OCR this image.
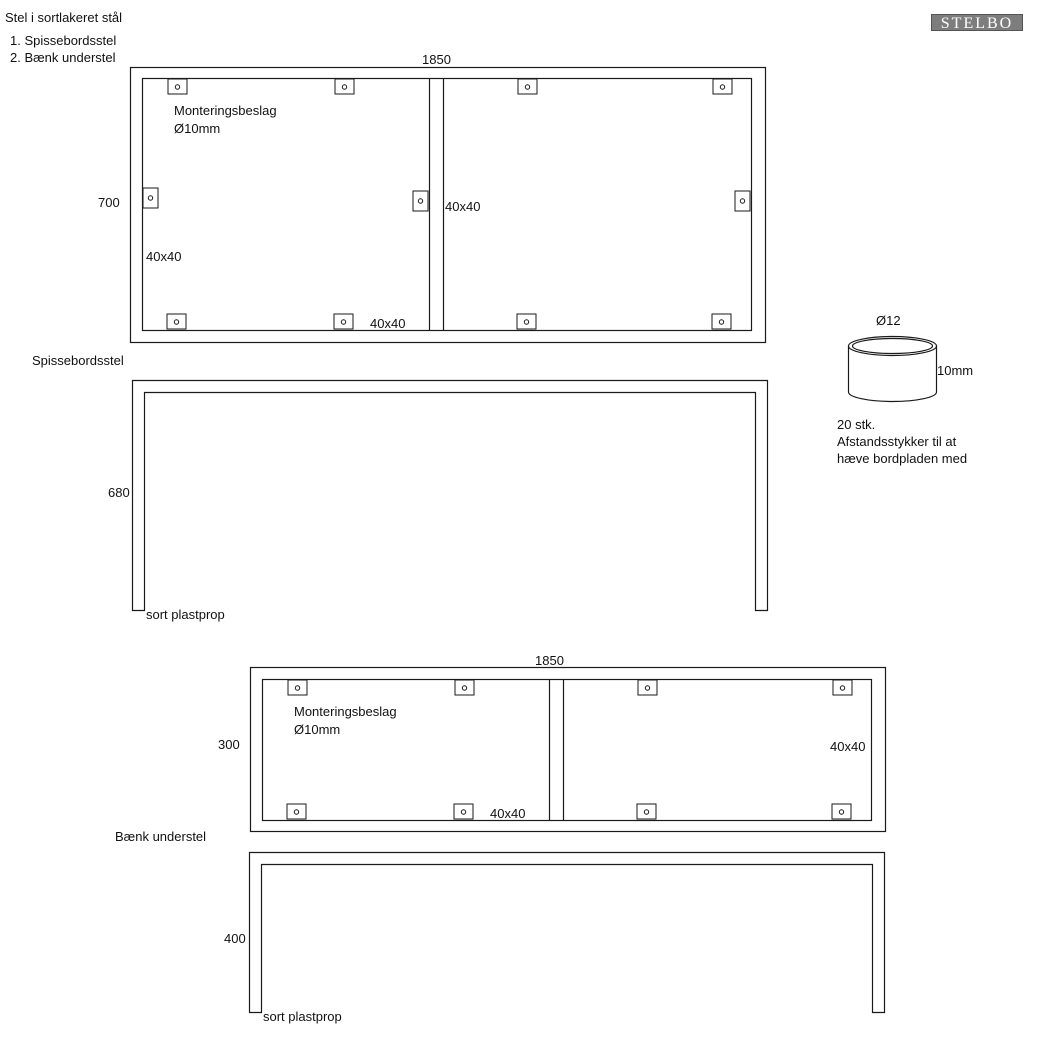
Stel i sortlakeret stål
1. Spissebordsstel
2. Bænk understel
STELBO
1850
700
Monteringsbeslag
Ø10mm
40x40
40x40
40x40
Spissebordsstel
680
sort plastprop
Ø12
10mm
20 stk.
Afstandsstykker til at
hæve bordpladen med
1850
300
Monteringsbeslag
Ø10mm
40x40
40x40
Bænk understel
400
sort plastprop
